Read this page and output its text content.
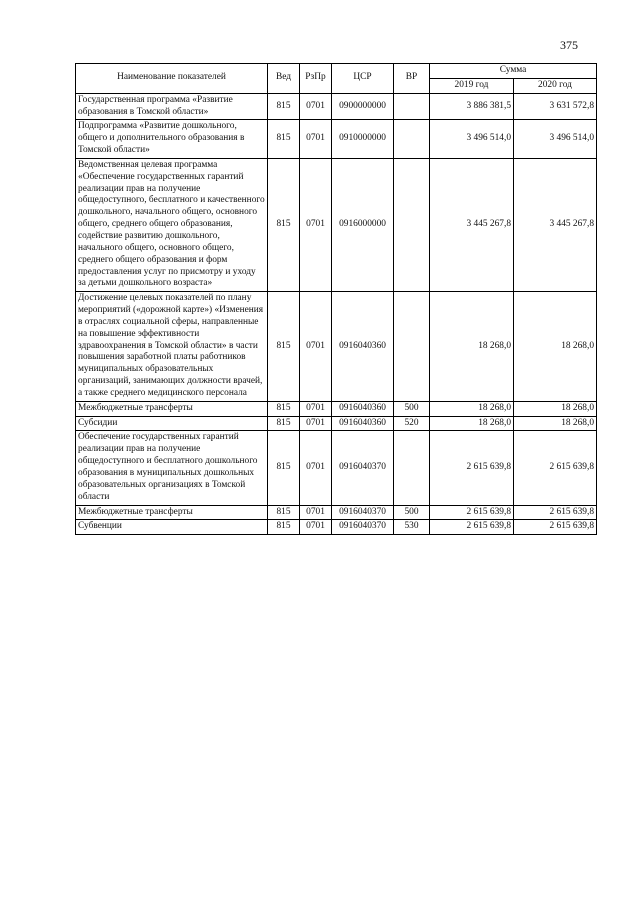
375
Наименование показателей	Вед	РзПр	ЦСР	ВР	Сумма	
					2019 год	2020 год
Государственная программа «Развитие образования в Томской области»	815	0701	0900000000		3 886 381,5	3 631 572,8
Подпрограмма «Развитие дошкольного, общего и дополнительного образования в Томской области»	815	0701	0910000000		3 496 514,0	3 496 514,0
Ведомственная целевая программа «Обеспечение государственных гарантий реализации прав на получение общедоступного, бесплатного и качественного дошкольного, начального общего, основного общего, среднего общего образования, содействие развитию дошкольного, начального общего, основного общего, среднего общего образования и форм предоставления услуг по присмотру и уходу за детьми дошкольного возраста»	815	0701	0916000000		3 445 267,8	3 445 267,8
Достижение целевых показателей по плану мероприятий («дорожной карте») «Изменения в отраслях социальной сферы, направленные на повышение эффективности здравоохранения в Томской области» в части повышения заработной платы работников муниципальных образовательных организаций, занимающих должности врачей, а также среднего медицинского персонала	815	0701	0916040360		18 268,0	18 268,0
Межбюджетные трансферты	815	0701	0916040360	500	18 268,0	18 268,0
Субсидии	815	0701	0916040360	520	18 268,0	18 268,0
Обеспечение государственных гарантий реализации прав на получение общедоступного и бесплатного дошкольного образования в муниципальных дошкольных образовательных организациях в Томской области	815	0701	0916040370		2 615 639,8	2 615 639,8
Межбюджетные трансферты	815	0701	0916040370	500	2 615 639,8	2 615 639,8
Субвенции	815	0701	0916040370	530	2 615 639,8	2 615 639,8
